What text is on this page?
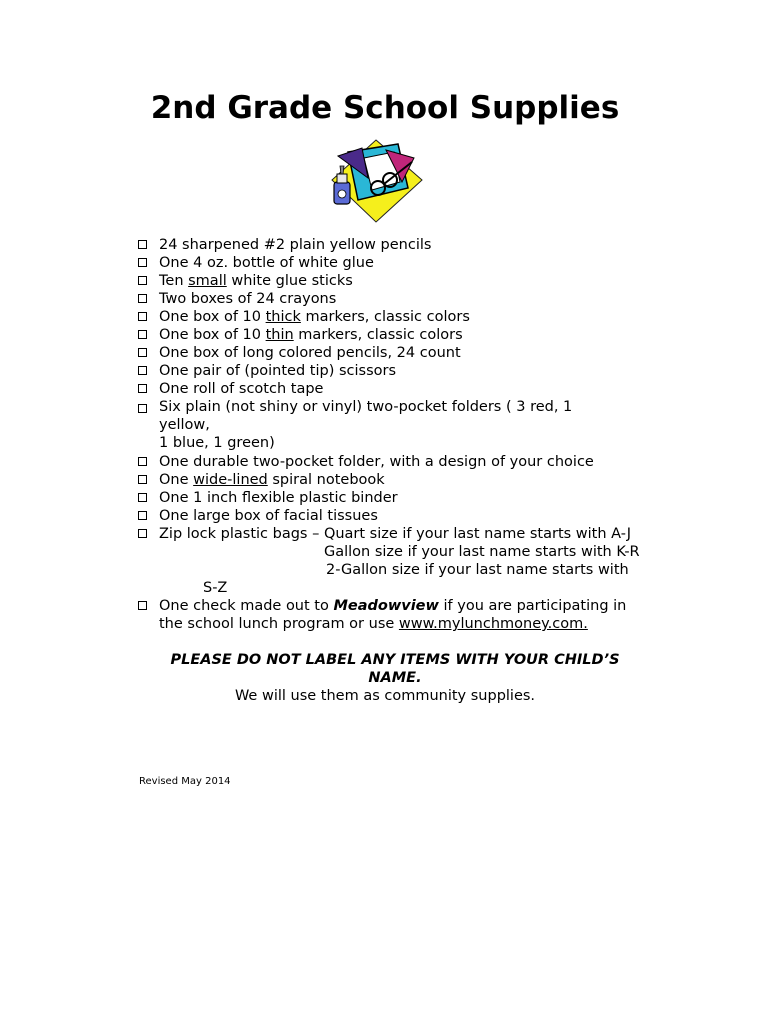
2nd Grade School Supplies
24 sharpened #2 plain yellow pencils
One 4 oz. bottle of white glue
Ten small white glue sticks
Two boxes of 24 crayons
One box of 10 thick markers, classic colors
One box of 10 thin markers, classic colors
One box of long colored pencils, 24 count
One pair of (pointed tip) scissors
One roll of scotch tape
Six plain (not shiny or vinyl) two-pocket folders ( 3 red, 1
yellow,
1 blue, 1 green)
One durable two-pocket folder, with a design of your choice
One wide-lined spiral notebook
One 1 inch flexible plastic binder
One large box of facial tissues
Zip lock plastic bags – Quart size if your last name starts with A-J
Gallon size if your last name starts with K-R
2-Gallon size if your last name starts with
S-Z
One check made out to Meadowview if you are participating in
the school lunch program or use www.mylunchmoney.com.
PLEASE DO NOT LABEL ANY ITEMS WITH YOUR CHILD’S
NAME.
We will use them as community supplies.
Revised May 2014
